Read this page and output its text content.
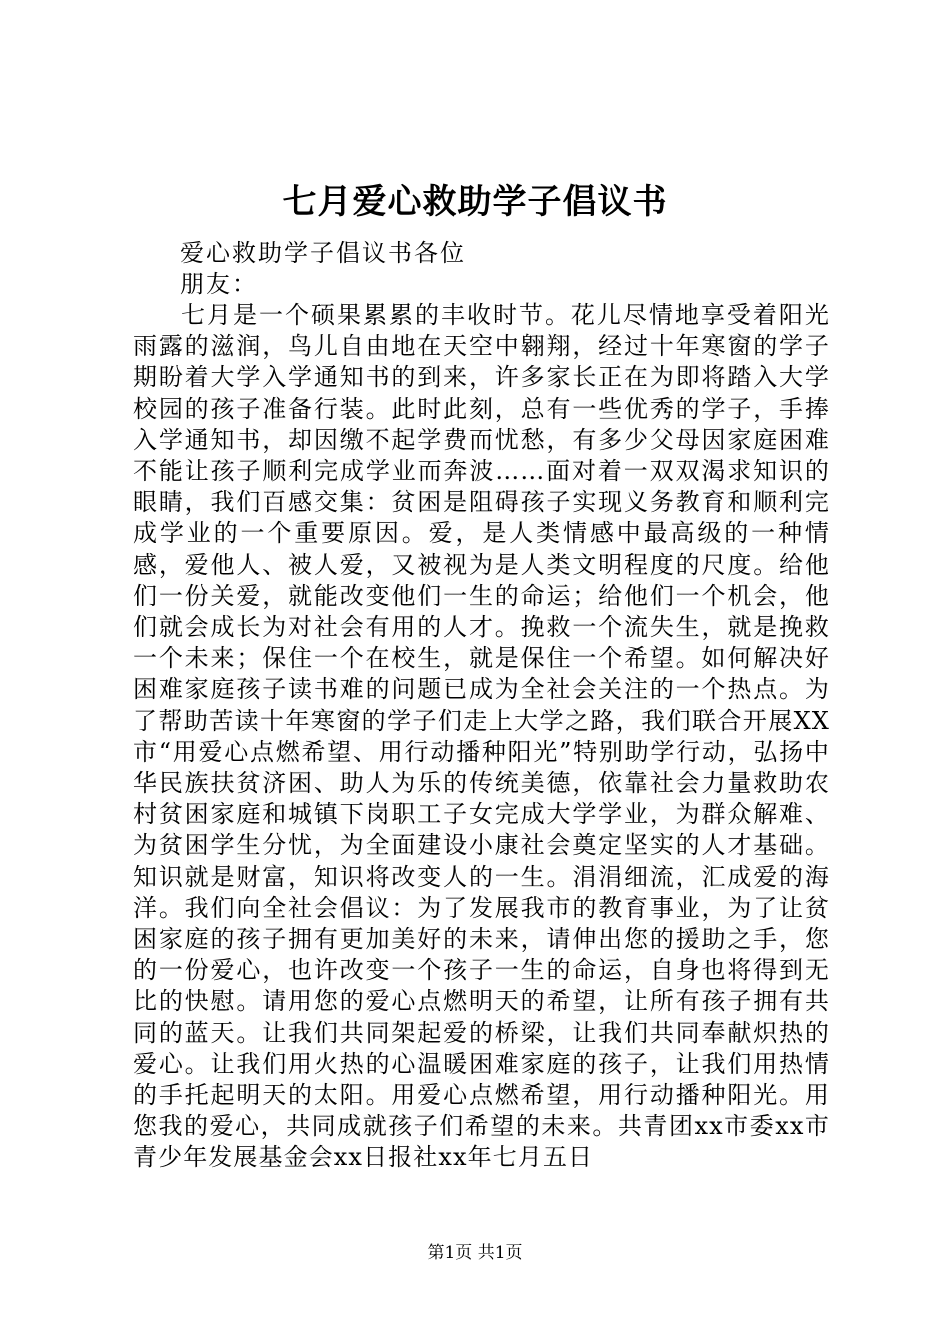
七月爱心救助学子倡议书
爱心救助学子倡议书各位朋友：
七月是一个硕果累累的丰收时节。花儿尽情地享受着阳光雨露的滋润，鸟儿自由地在天空中翱翔，经过十年寒窗的学子期盼着大学入学通知书的到来，许多家长正在为即将踏入大学校园的孩子准备行装。此时此刻，总有一些优秀的学子，手捧入学通知书，却因缴不起学费而忧愁，有多少父母因家庭困难不能让孩子顺利完成学业而奔波……面对着一双双渴求知识的眼睛，我们百感交集：贫困是阻碍孩子实现义务教育和顺利完成学业的一个重要原因。爱，是人类情感中最高级的一种情感，爱他人、被人爱，又被视为是人类文明程度的尺度。给他们一份关爱，就能改变他们一生的命运；给他们一个机会，他们就会成长为对社会有用的人才。挽救一个流失生，就是挽救一个未来；保住一个在校生，就是保住一个希望。如何解决好困难家庭孩子读书难的问题已成为全社会关注的一个热点。为了帮助苦读十年寒窗的学子们走上大学之路，我们联合开展XX市“用爱心点燃希望、用行动播种阳光”特别助学行动，弘扬中华民族扶贫济困、助人为乐的传统美德，依靠社会力量救助农村贫困家庭和城镇下岗职工子女完成大学学业，为群众解难、为贫困学生分忧，为全面建设小康社会奠定坚实的人才基础。知识就是财富，知识将改变人的一生。涓涓细流，汇成爱的海洋。我们向全社会倡议：为了发展我市的教育事业，为了让贫困家庭的孩子拥有更加美好的未来，请伸出您的援助之手，您的一份爱心，也许改变一个孩子一生的命运，自身也将得到无比的快慰。请用您的爱心点燃明天的希望，让所有孩子拥有共同的蓝天。让我们共同架起爱的桥梁，让我们共同奉献炽热的爱心。让我们用火热的心温暖困难家庭的孩子，让我们用热情的手托起明天的太阳。用爱心点燃希望，用行动播种阳光。用您我的爱心，共同成就孩子们希望的未来。共青团xx市委xx市青少年发展基金会xx日报社xx年七月五日
第1页 共1页
